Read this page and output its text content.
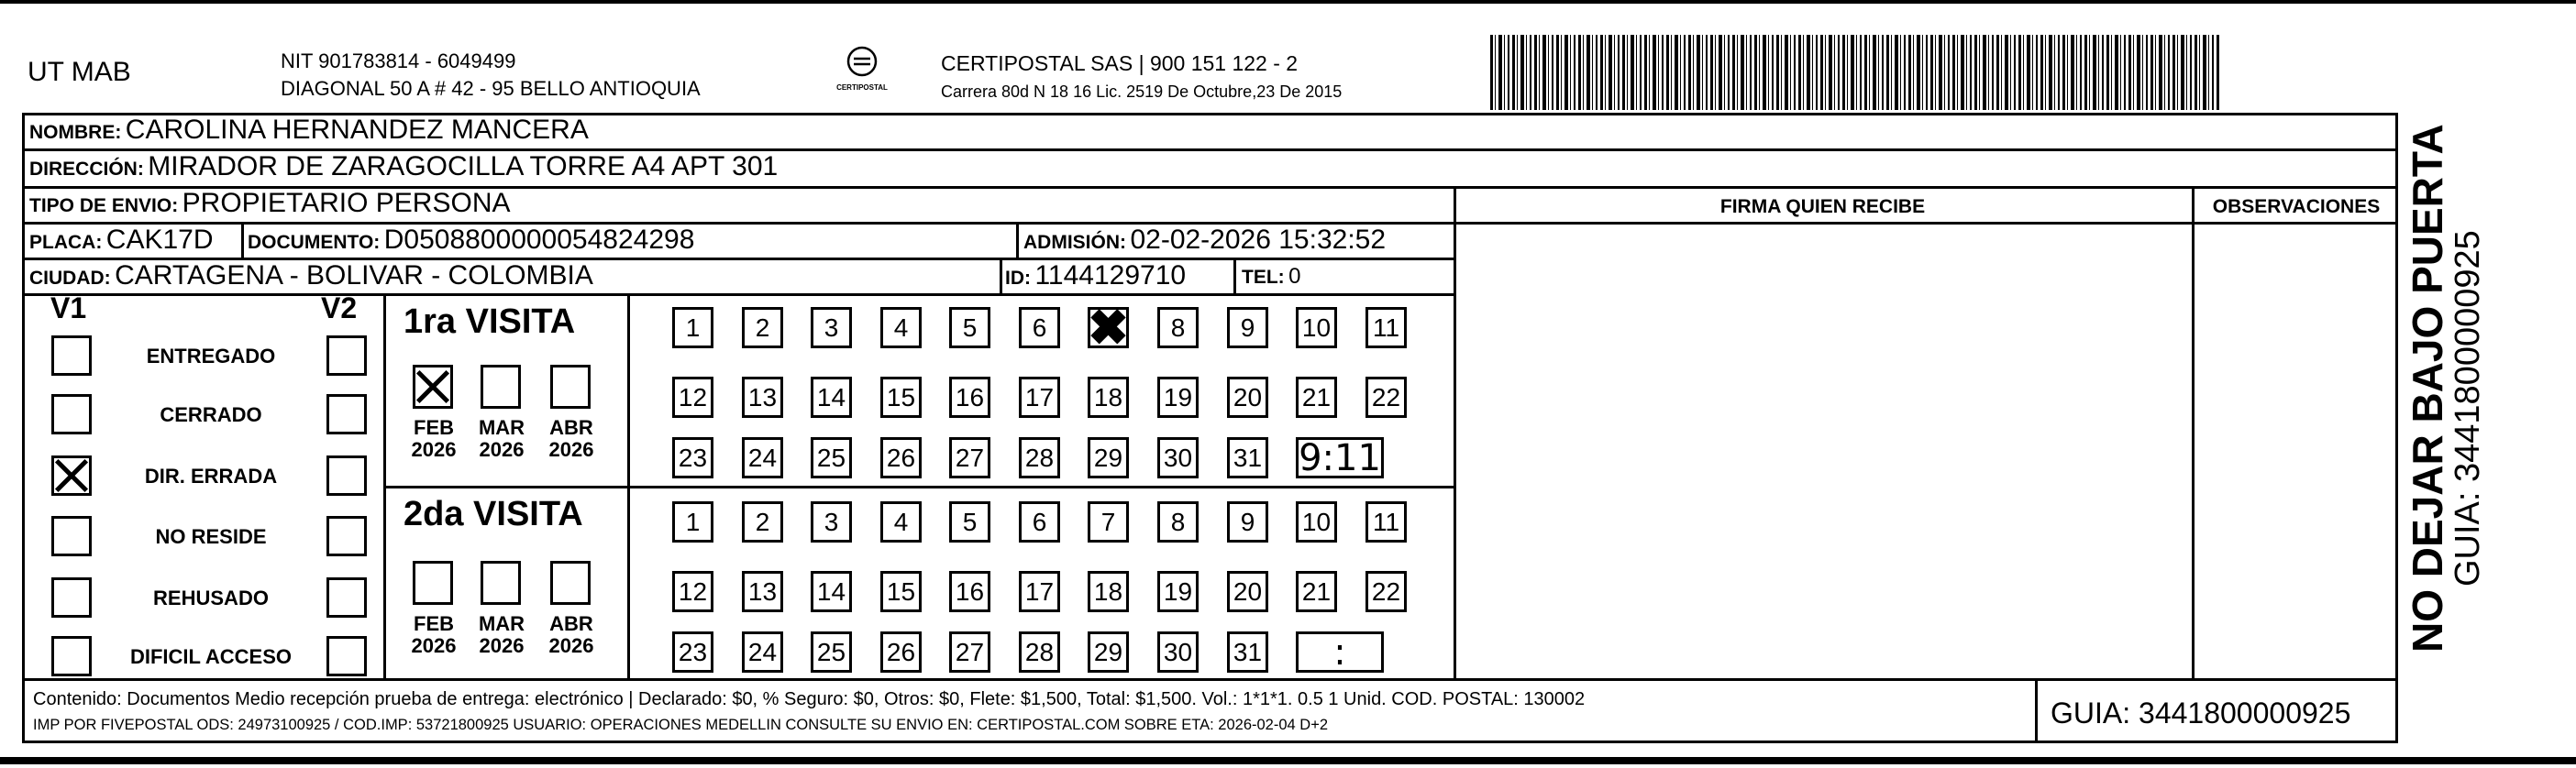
UT MAB	NIT 901783814 - 6049499
DIAGONAL 50 A # 42 - 95 BELLO ANTIOQUIA	CERTIPOSTAL
CERTIPOSTAL SAS | 900 151 122 - 2
Carrera 80d N 18 16 Lic. 2519 De Octubre,23 De 2015
NOMBRE: CAROLINA HERNANDEZ MANCERA
DIRECCIÓN: MIRADOR DE ZARAGOCILLA TORRE A4 APT 301
TIPO DE ENVIO: PROPIETARIO PERSONA	FIRMA QUIEN RECIBE	OBSERVACIONES
PLACA: CAK17D DOCUMENTO: D0508800000054824298	ADMISIÓN: 02-02-2026 15:32:52
CIUDAD: CARTAGENA - BOLIVAR - COLOMBIA	ID: 1144129710	TEL: 0
V1	V2
ENTREGADO
CERRADO
DIR. ERRADA
NO RESIDE
REHUSADO
DIFICIL ACCESO
1ra VISITA
2da VISITA
FEB
2026
MAR
2026
ABR
2026
1	2	3	4	5	6 ✖	8	9	10 11
12 13 14 15 16 17 18 19 20 21 22
23 24 25 26 27 28 29 30 31 9:11
FEB
2026
MAR
2026
ABR
2026
1	2	3	4	5	6	7	8	9	10 11
12 13 14 15 16 17 18 19 20 21 22
23 24 25 26 27 28 29 30 31	:
Contenido: Documentos Medio recepción prueba de entrega: electrónico | Declarado: $0, % Seguro: $0, Otros: $0, Flete: $1,500, Total: $1,500. Vol.: 1*1*1. 0.5 1 Unid. COD. POSTAL: 130002
IMP POR FIVEPOSTAL ODS: 24973100925 / COD.IMP: 53721800925 USUARIO: OPERACIONES MEDELLIN CONSULTE SU ENVIO EN: CERTIPOSTAL.COM SOBRE ETA: 2026-02-04 D+2	GUIA: 3441800000925
NO DEJAR BAJO PUERTA
GUIA: 3441800000925
